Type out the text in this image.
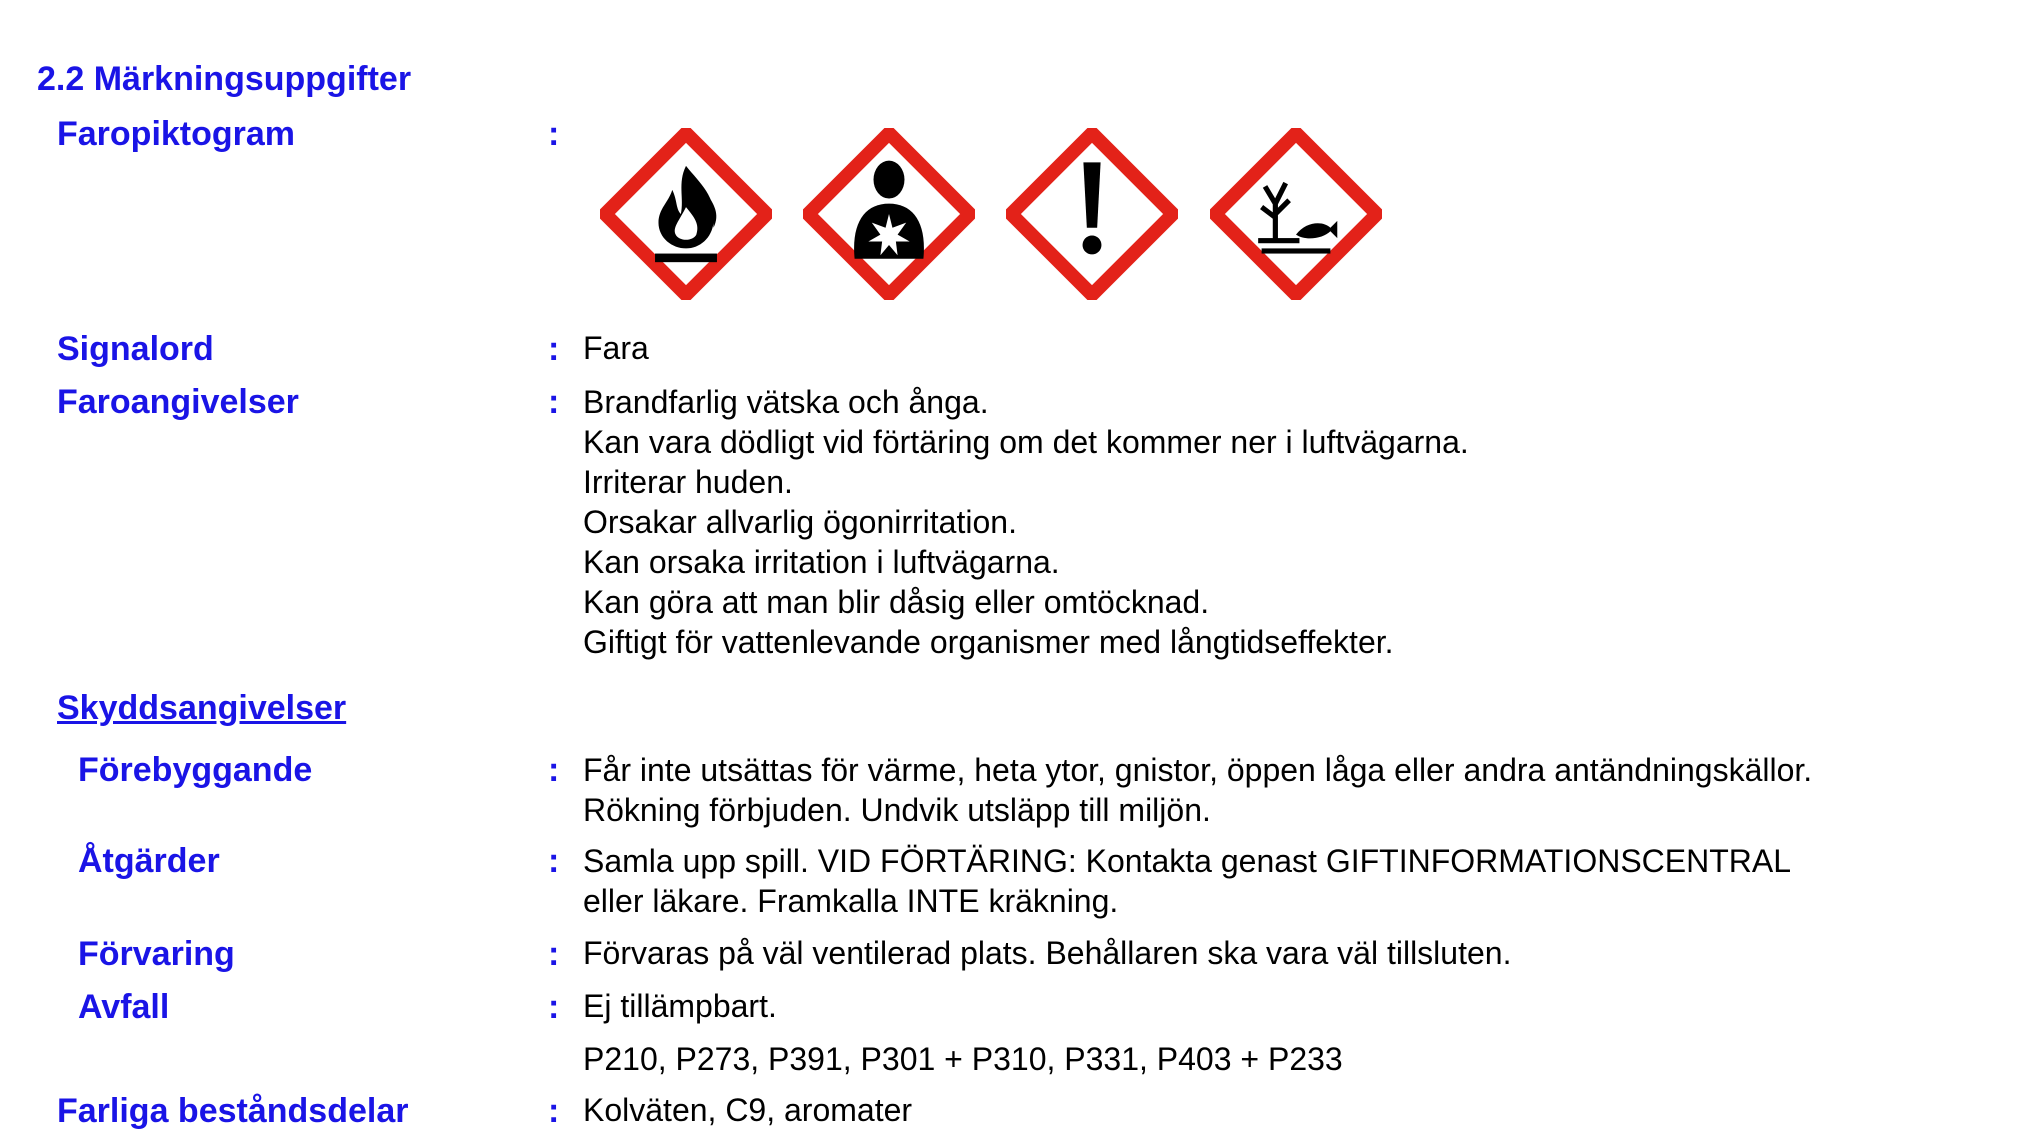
2.2 Märkningsuppgifter
Faropiktogram	:
Signalord	: Fara
Faroangivelser	: Brandfarlig vätska och ånga.
Kan vara dödligt vid förtäring om det kommer ner i luftvägarna.
Irriterar huden.
Orsakar allvarlig ögonirritation.
Kan orsaka irritation i luftvägarna.
Kan göra att man blir dåsig eller omtöcknad.
Giftigt för vattenlevande organismer med långtidseffekter.
Skyddsangivelser
Förebyggande	: Får inte utsättas för värme, heta ytor, gnistor, öppen låga eller andra antändningskällor.
Rökning förbjuden. Undvik utsläpp till miljön.
Åtgärder	: Samla upp spill. VID FÖRTÄRING: Kontakta genast GIFTINFORMATIONSCENTRAL
eller läkare. Framkalla INTE kräkning.
Förvaring	: Förvaras på väl ventilerad plats. Behållaren ska vara väl tillsluten.
Avfall	: Ej tillämpbart.
P210, P273, P391, P301 + P310, P331, P403 + P233
Farliga beståndsdelar	: Kolväten, C9, aromater
